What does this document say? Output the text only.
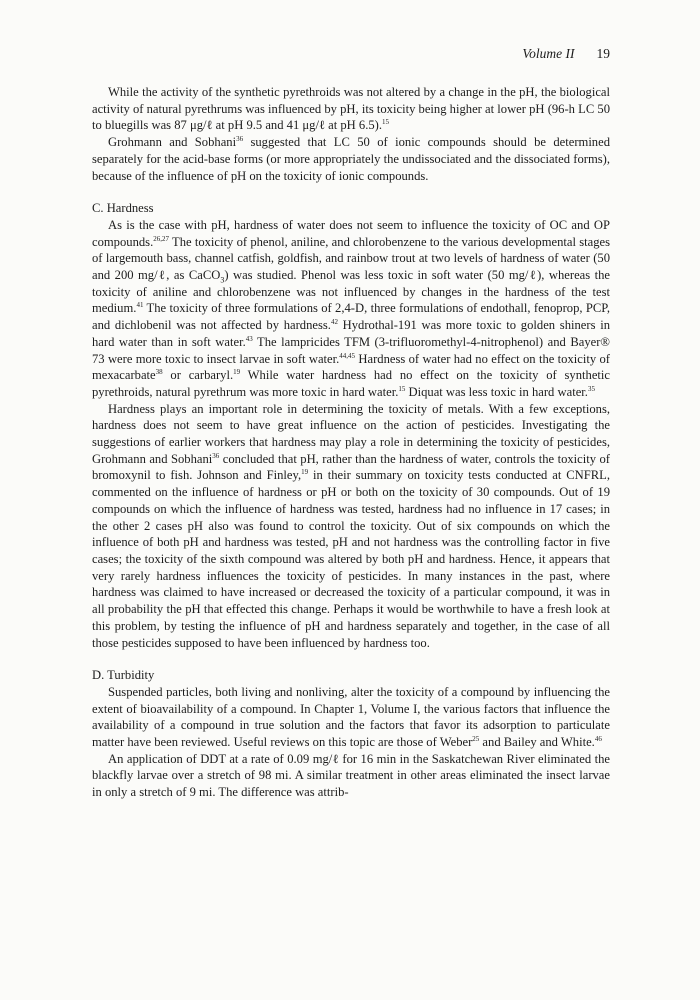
Volume II 19

While the activity of the synthetic pyrethroids was not altered by a change in the pH, the biological activity of natural pyrethrums was influenced by pH, its toxicity being higher at lower pH (96-h LC 50 to bluegills was 87 μg/ℓ at pH 9.5 and 41 μg/ℓ at pH 6.5).$^{15}$

Grohmann and Sobhani$^{36}$ suggested that LC 50 of ionic compounds should be determined separately for the acid-base forms (or more appropriately the undissociated and the dissociated forms), because of the influence of pH on the toxicity of ionic compounds.

C. Hardness

As is the case with pH, hardness of water does not seem to influence the toxicity of OC and OP compounds.$^{26,27}$ The toxicity of phenol, aniline, and chlorobenzene to the various developmental stages of largemouth bass, channel catfish, goldfish, and rainbow trout at two levels of hardness of water (50 and 200 mg/ℓ, as CaCO$_3$) was studied. Phenol was less toxic in soft water (50 mg/ℓ), whereas the toxicity of aniline and chlorobenzene was not influenced by changes in the hardness of the test medium.$^{41}$ The toxicity of three formulations of 2,4-D, three formulations of endothall, fenoprop, PCP, and dichlobenil was not affected by hardness.$^{42}$ Hydrothal-191 was more toxic to golden shiners in hard water than in soft water.$^{43}$ The lampricides TFM (3-trifluoromethyl-4-nitrophenol) and Bayer® 73 were more toxic to insect larvae in soft water.$^{44,45}$ Hardness of water had no effect on the toxicity of mexacarbate$^{38}$ or carbaryl.$^{19}$ While water hardness had no effect on the toxicity of synthetic pyrethroids, natural pyrethrum was more toxic in hard water.$^{15}$ Diquat was less toxic in hard water.$^{35}$

Hardness plays an important role in determining the toxicity of metals. With a few exceptions, hardness does not seem to have great influence on the action of pesticides. Investigating the suggestions of earlier workers that hardness may play a role in determining the toxicity of pesticides, Grohmann and Sobhani$^{36}$ concluded that pH, rather than the hardness of water, controls the toxicity of bromoxynil to fish. Johnson and Finley,$^{19}$ in their summary on toxicity tests conducted at CNFRL, commented on the influence of hardness or pH or both on the toxicity of 30 compounds. Out of 19 compounds on which the influence of hardness was tested, hardness had no influence in 17 cases; in the other 2 cases pH also was found to control the toxicity. Out of six compounds on which the influence of both pH and hardness was tested, pH and not hardness was the controlling factor in five cases; the toxicity of the sixth compound was altered by both pH and hardness. Hence, it appears that very rarely hardness influences the toxicity of pesticides. In many instances in the past, where hardness was claimed to have increased or decreased the toxicity of a particular compound, it was in all probability the pH that effected this change. Perhaps it would be worthwhile to have a fresh look at this problem, by testing the influence of pH and hardness separately and together, in the case of all those pesticides supposed to have been influenced by hardness too.

D. Turbidity

Suspended particles, both living and nonliving, alter the toxicity of a compound by influencing the extent of bioavailability of a compound. In Chapter 1, Volume I, the various factors that influence the availability of a compound in true solution and the factors that favor its adsorption to particulate matter have been reviewed. Useful reviews on this topic are those of Weber$^{25}$ and Bailey and White.$^{46}$

An application of DDT at a rate of 0.09 mg/ℓ for 16 min in the Saskatchewan River eliminated the blackfly larvae over a stretch of 98 mi. A similar treatment in other areas eliminated the insect larvae in only a stretch of 9 mi. The difference was attrib-
